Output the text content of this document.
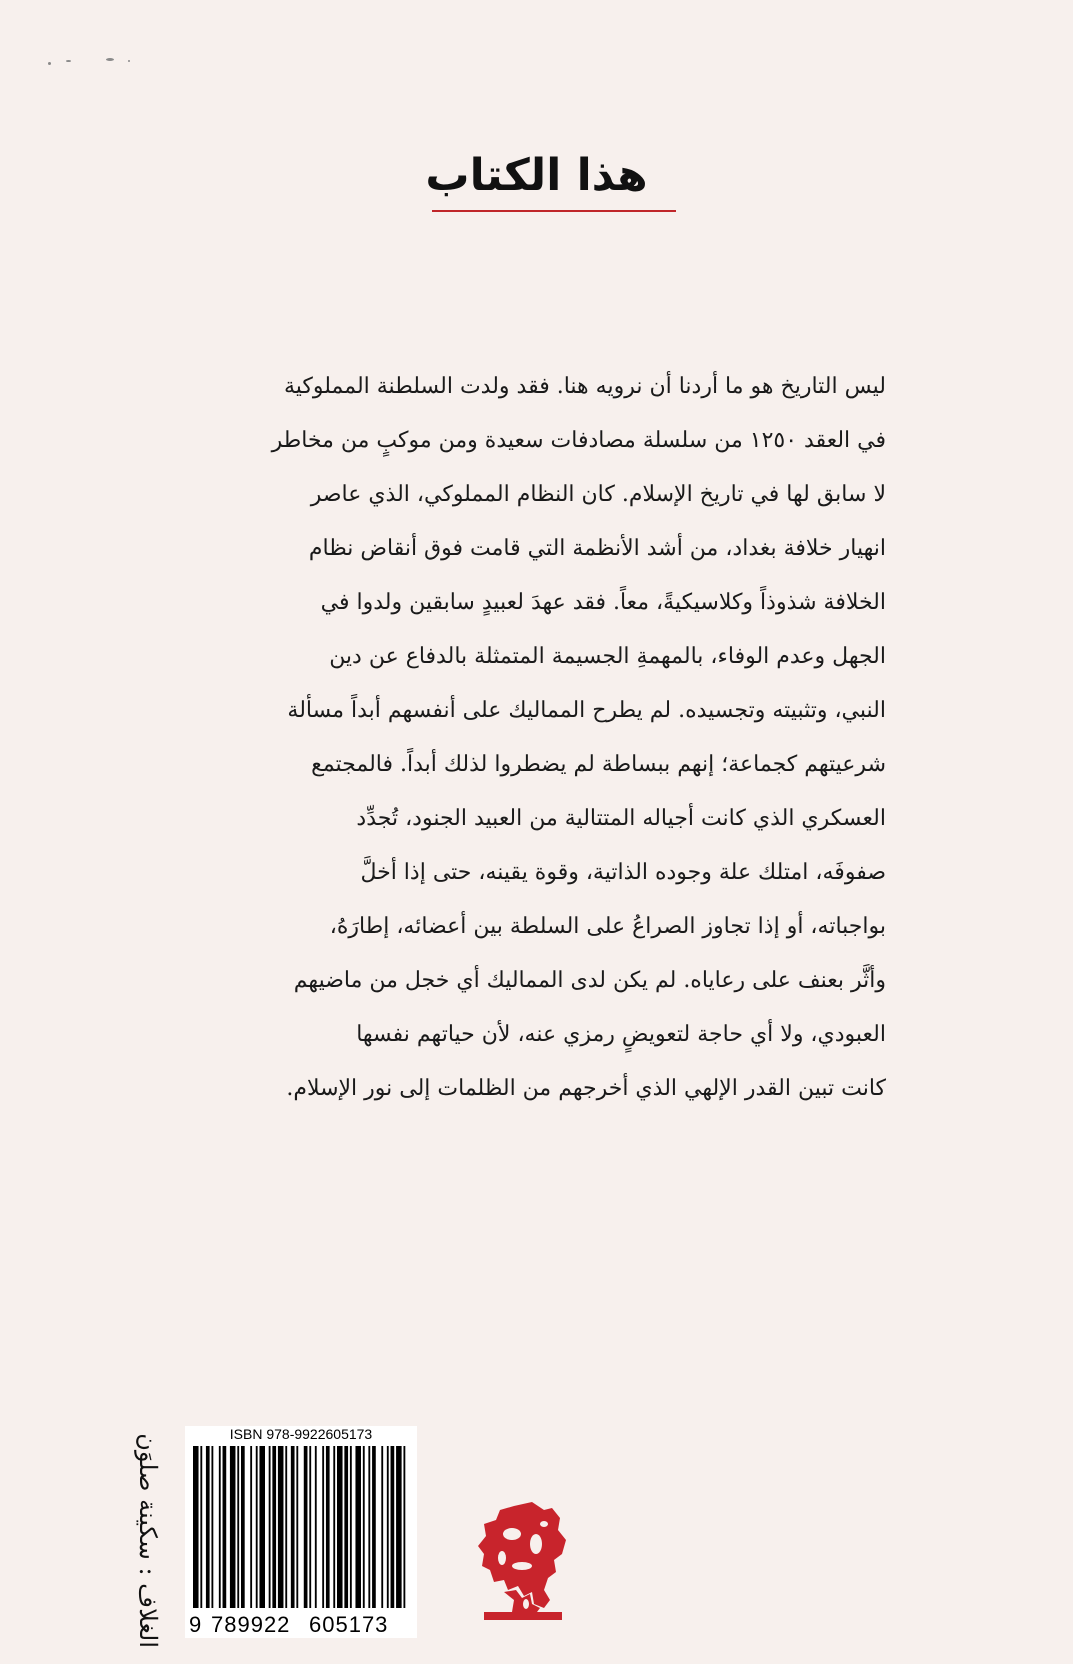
هذا الكتاب
ليس التاريخ هو ما أردنا أن نرويه هنا. فقد ولدت السلطنة المملوكية
في العقد ١٢٥٠ من سلسلة مصادفات سعيدة ومن موكبٍ من مخاطر
لا سابق لها في تاريخ الإسلام. كان النظام المملوكي، الذي عاصر
انهيار خلافة بغداد، من أشد الأنظمة التي قامت فوق أنقاض نظام
الخلافة شذوذاً وكلاسيكيةً، معاً. فقد عهدَ لعبيدٍ سابقين ولدوا في
الجهل وعدم الوفاء، بالمهمةِ الجسيمة المتمثلة بالدفاع عن دين
النبي، وتثبيته وتجسيده. لم يطرح المماليك على أنفسهم أبداً مسألة
شرعيتهم كجماعة؛ إنهم ببساطة لم يضطروا لذلك أبداً. فالمجتمع
العسكري الذي كانت أجياله المتتالية من العبيد الجنود، تُجدِّد
صفوفَه، امتلك علة وجوده الذاتية، وقوة يقينه، حتى إذا أخلَّ
بواجباته، أو إذا تجاوز الصراعُ على السلطة بين أعضائه، إطارَهُ،
وأثَّر بعنف على رعاياه. لم يكن لدى المماليك أي خجل من ماضيهم
العبودي، ولا أي حاجة لتعويضٍ رمزي عنه، لأن حياتهم نفسها
كانت تبين القدر الإلهي الذي أخرجهم من الظلمات إلى نور الإسلام.
الغلاف : سكينة صلوَن	ISBN 978-9922605173
9 789922 605173
